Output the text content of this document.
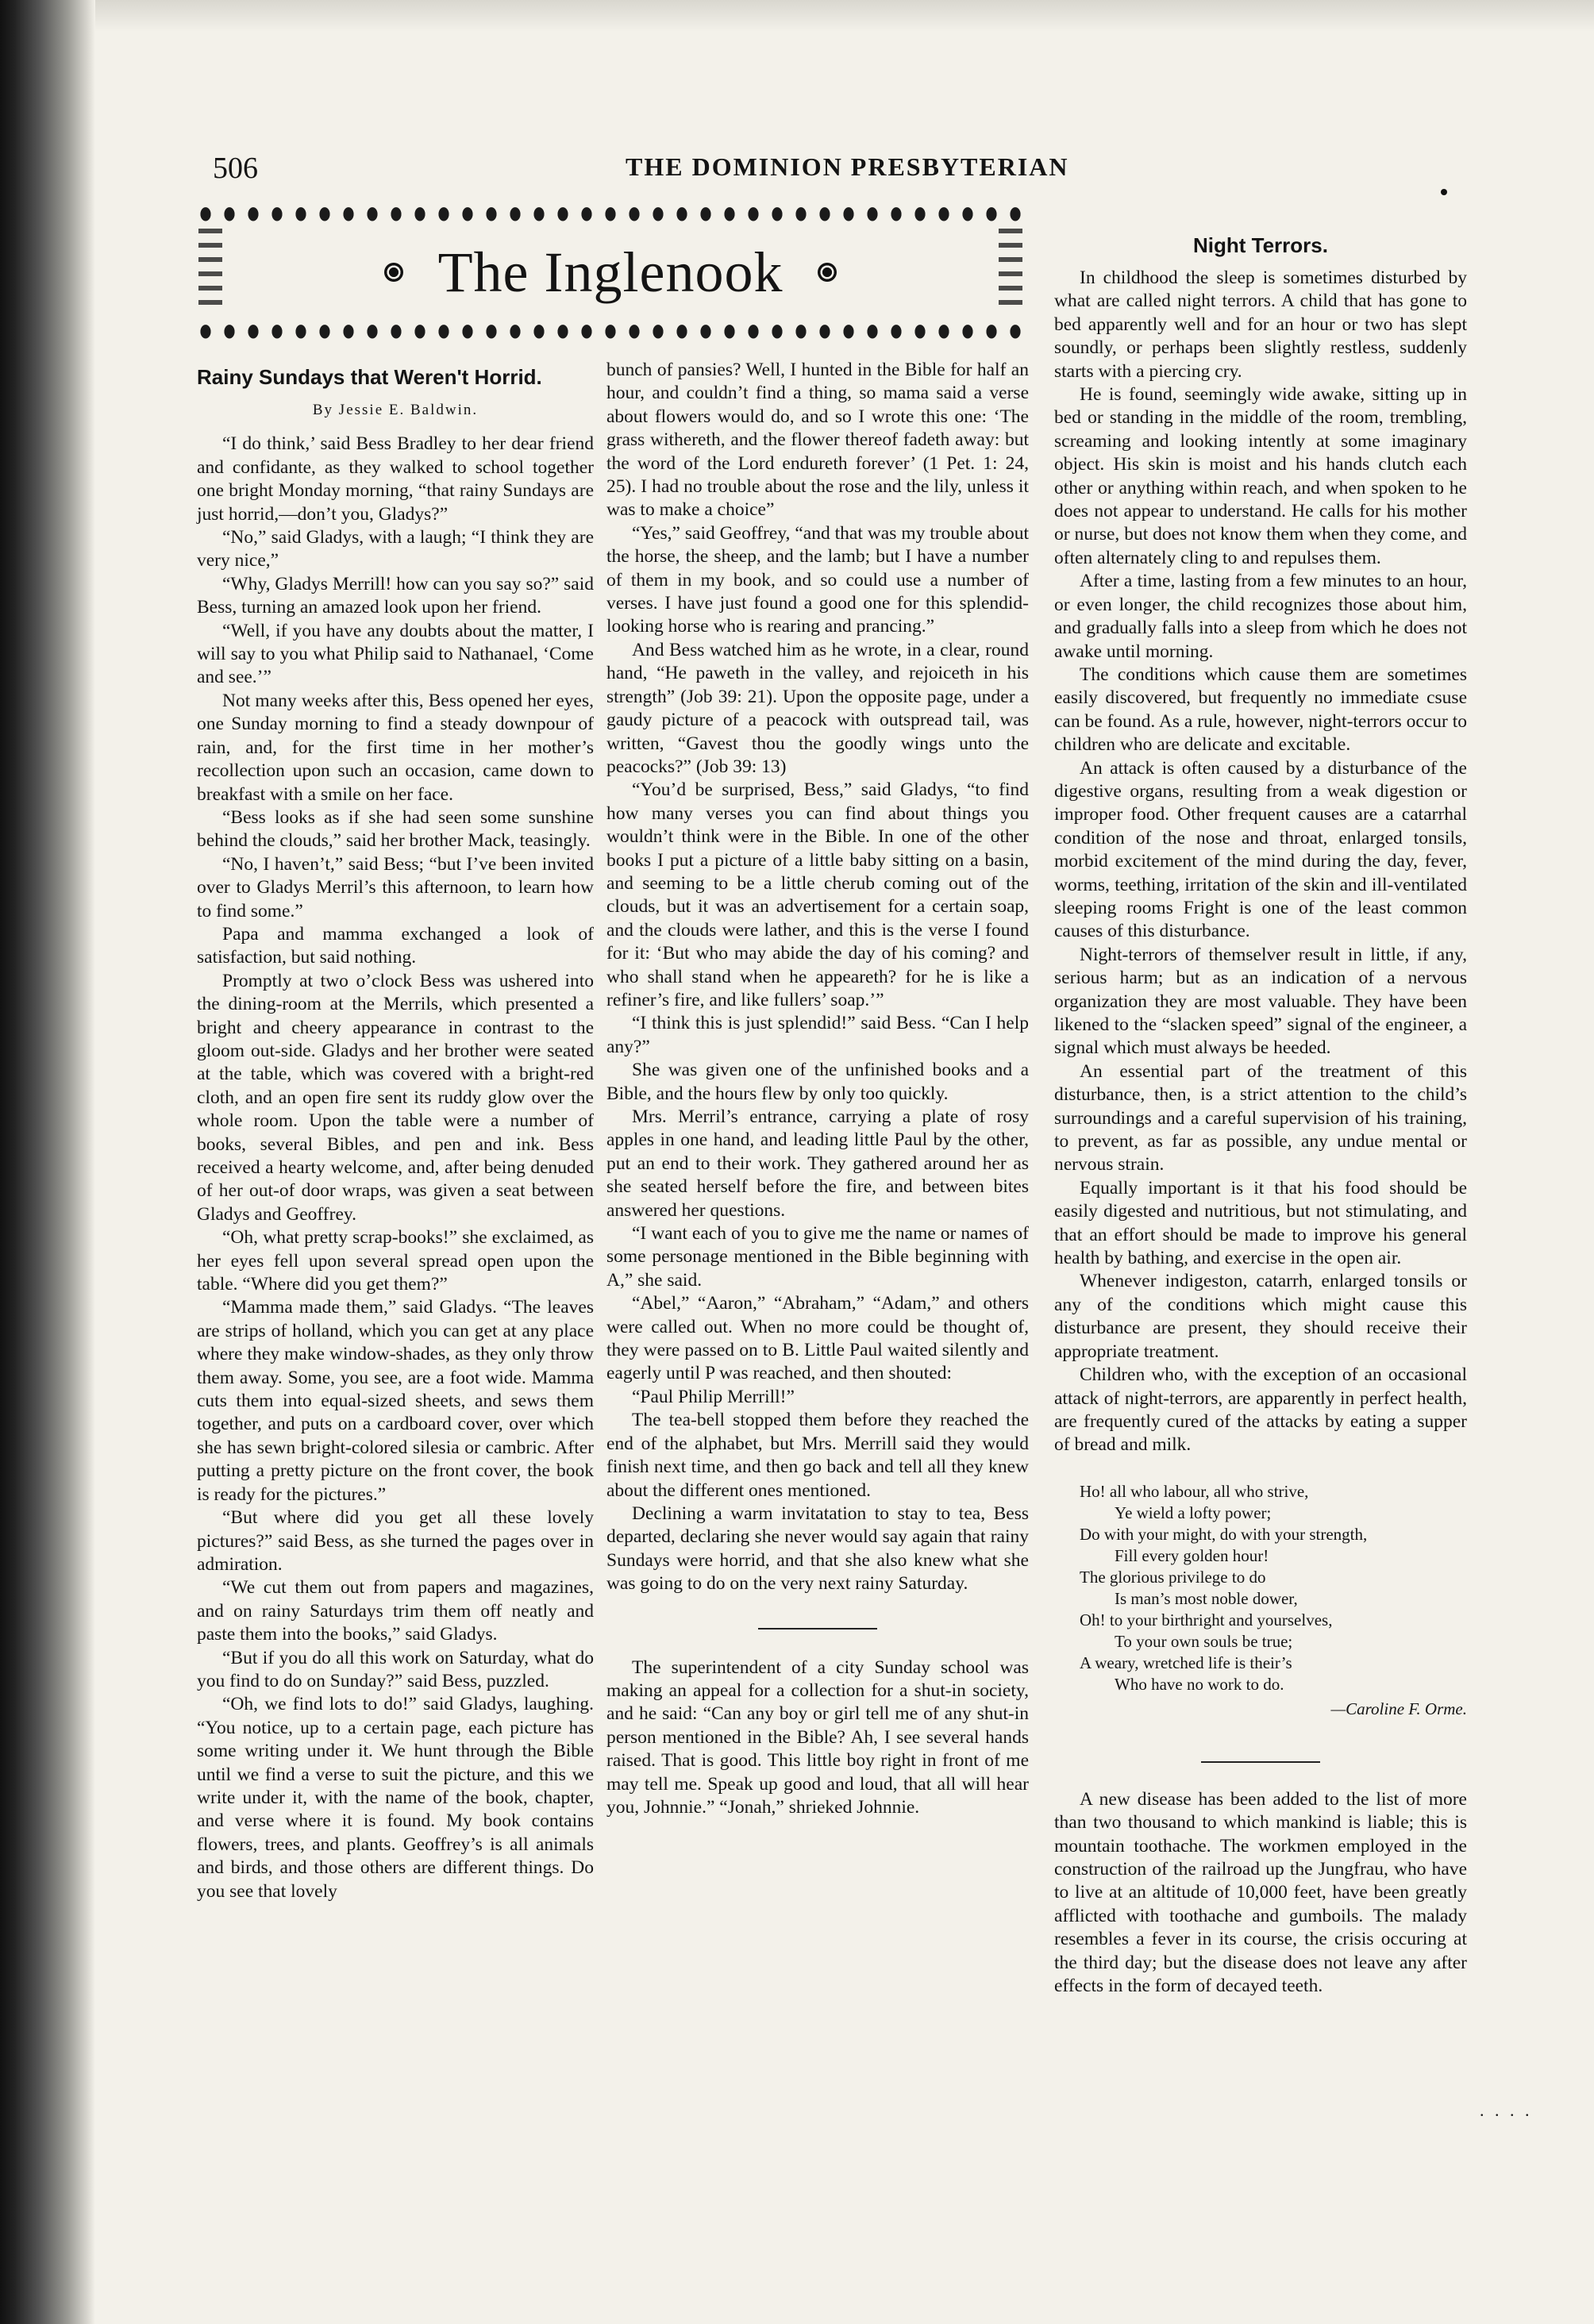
506	THE DOMINION PRESBYTERIAN
The Inglenook

Rainy Sundays that Weren't Horrid.

By Jessie E. Baldwin.

“I do think,’ said Bess Bradley to her dear friend and confidante, as they walked to school together one bright Monday morning, “that rainy Sundays are just horrid,—don’t you, Gladys?”

“No,” said Gladys, with a laugh; “I think they are very nice,”

“Why, Gladys Merrill! how can you say so?” said Bess, turning an amazed look upon her friend.

“Well, if you have any doubts about the matter, I will say to you what Philip said to Nathanael, ‘Come and see.’”

Not many weeks after this, Bess opened her eyes, one Sunday morning to find a steady downpour of rain, and, for the first time in her mother’s recollection upon such an occasion, came down to breakfast with a smile on her face.

“Bess looks as if she had seen some sunshine behind the clouds,” said her brother Mack, teasingly.

“No, I haven’t,” said Bess; “but I’ve been invited over to Gladys Merril’s this afternoon, to learn how to find some.”

Papa and mamma exchanged a look of satisfaction, but said nothing.

Promptly at two o’clock Bess was ushered into the dining-room at the Merrils, which presented a bright and cheery appearance in contrast to the gloom out-side. Gladys and her brother were seated at the table, which was covered with a bright-red cloth, and an open fire sent its ruddy glow over the whole room. Upon the table were a number of books, several Bibles, and pen and ink. Bess received a hearty welcome, and, after being denuded of her out-of door wraps, was given a seat between Gladys and Geoffrey.

“Oh, what pretty scrap-books!” she exclaimed, as her eyes fell upon several spread open upon the table. “Where did you get them?”

“Mamma made them,” said Gladys. “The leaves are strips of holland, which you can get at any place where they make window-shades, as they only throw them away. Some, you see, are a foot wide. Mamma cuts them into equal-sized sheets, and sews them together, and puts on a cardboard cover, over which she has sewn bright-colored silesia or cambric. After putting a pretty picture on the front cover, the book is ready for the pictures.”

“But where did you get all these lovely pictures?” said Bess, as she turned the pages over in admiration.

“We cut them out from papers and magazines, and on rainy Saturdays trim them off neatly and paste them into the books,” said Gladys.

“But if you do all this work on Saturday, what do you find to do on Sunday?” said Bess, puzzled.

“Oh, we find lots to do!” said Gladys, laughing. “You notice, up to a certain page, each picture has some writing under it. We hunt through the Bible until we find a verse to suit the picture, and this we write under it, with the name of the book, chapter, and verse where it is found. My book contains flowers, trees, and plants. Geoffrey’s is all animals and birds, and those others are different things. Do you see that lovely

bunch of pansies? Well, I hunted in the Bible for half an hour, and couldn’t find a thing, so mama said a verse about flowers would do, and so I wrote this one: ‘The grass withereth, and the flower thereof fadeth away: but the word of the Lord endureth forever’ (1 Pet. 1: 24, 25). I had no trouble about the rose and the lily, unless it was to make a choice”

“Yes,” said Geoffrey, “and that was my trouble about the horse, the sheep, and the lamb; but I have a number of them in my book, and so could use a number of verses. I have just found a good one for this splendid-looking horse who is rearing and prancing.”

And Bess watched him as he wrote, in a clear, round hand, “He paweth in the valley, and rejoiceth in his strength” (Job 39: 21). Upon the opposite page, under a gaudy picture of a peacock with outspread tail, was written, “Gavest thou the goodly wings unto the peacocks?” (Job 39: 13)

“You’d be surprised, Bess,” said Gladys, “to find how many verses you can find about things you wouldn’t think were in the Bible. In one of the other books I put a picture of a little baby sitting on a basin, and seeming to be a little cherub coming out of the clouds, but it was an advertisement for a certain soap, and the clouds were lather, and this is the verse I found for it: ‘But who may abide the day of his coming? and who shall stand when he appeareth? for he is like a refiner’s fire, and like fullers’ soap.’”

“I think this is just splendid!” said Bess. “Can I help any?”

She was given one of the unfinished books and a Bible, and the hours flew by only too quickly.

Mrs. Merril’s entrance, carrying a plate of rosy apples in one hand, and leading little Paul by the other, put an end to their work. They gathered around her as she seated herself before the fire, and between bites answered her questions.

“I want each of you to give me the name or names of some personage mentioned in the Bible beginning with A,” she said.

“Abel,” “Aaron,” “Abraham,” “Adam,” and others were called out. When no more could be thought of, they were passed on to B. Little Paul waited silently and eagerly until P was reached, and then shouted:

“Paul Philip Merrill!”

The tea-bell stopped them before they reached the end of the alphabet, but Mrs. Merrill said they would finish next time, and then go back and tell all they knew about the different ones mentioned.

Declining a warm invitatation to stay to tea, Bess departed, declaring she never would say again that rainy Sundays were horrid, and that she also knew what she was going to do on the very next rainy Saturday.

The superintendent of a city Sunday school was making an appeal for a collection for a shut-in society, and he said: “Can any boy or girl tell me of any shut-in person mentioned in the Bible? Ah, I see several hands raised. That is good. This little boy right in front of me may tell me. Speak up good and loud, that all will hear you, Johnnie.” “Jonah,” shrieked Johnnie.

Night Terrors.

In childhood the sleep is sometimes disturbed by what are called night terrors. A child that has gone to bed apparently well and for an hour or two has slept soundly, or perhaps been slightly restless, suddenly starts with a piercing cry.

He is found, seemingly wide awake, sitting up in bed or standing in the middle of the room, trembling, screaming and looking intently at some imaginary object. His skin is moist and his hands clutch each other or anything within reach, and when spoken to he does not appear to understand. He calls for his mother or nurse, but does not know them when they come, and often alternately cling to and repulses them.

After a time, lasting from a few minutes to an hour, or even longer, the child recognizes those about him, and gradually falls into a sleep from which he does not awake until morning.

The conditions which cause them are sometimes easily discovered, but frequently no immediate csuse can be found. As a rule, however, night-terrors occur to children who are delicate and excitable.

An attack is often caused by a disturbance of the digestive organs, resulting from a weak digestion or improper food. Other frequent causes are a catarrhal condition of the nose and throat, enlarged tonsils, morbid excitement of the mind during the day, fever, worms, teething, irritation of the skin and ill-ventilated sleeping rooms Fright is one of the least common causes of this disturbance.

Night-terrors of themselver result in little, if any, serious harm; but as an indication of a nervous organization they are most valuable. They have been likened to the “slacken speed” signal of the engineer, a signal which must always be heeded.

An essential part of the treatment of this disturbance, then, is a strict attention to the child’s surroundings and a careful supervision of his training, to prevent, as far as possible, any undue mental or nervous strain.

Equally important is it that his food should be easily digested and nutritious, but not stimulating, and that an effort should be made to improve his general health by bathing, and exercise in the open air.

Whenever indigeston, catarrh, enlarged tonsils or any of the conditions which might cause this disturbance are present, they should receive their appropriate treatment.

Children who, with the exception of an occasional attack of night-terrors, are apparently in perfect health, are frequently cured of the attacks by eating a supper of bread and milk.

Ho! all who labour, all who strive,
Ye wield a lofty power;
Do with your might, do with your strength,
Fill every golden hour!
The glorious privilege to do
Is man’s most noble dower,
Oh! to your birthright and yourselves,
To your own souls be true;
A weary, wretched life is their’s
Who have no work to do.
—Caroline F. Orme.

A new disease has been added to the list of more than two thousand to which mankind is liable; this is mountain toothache. The workmen employed in the construction of the railroad up the Jungfrau, who have to live at an altitude of 10,000 feet, have been greatly afflicted with toothache and gumboils. The malady resembles a fever in its course, the crisis occuring at the third day; but the disease does not leave any after effects in the form of decayed teeth.

. . . .
